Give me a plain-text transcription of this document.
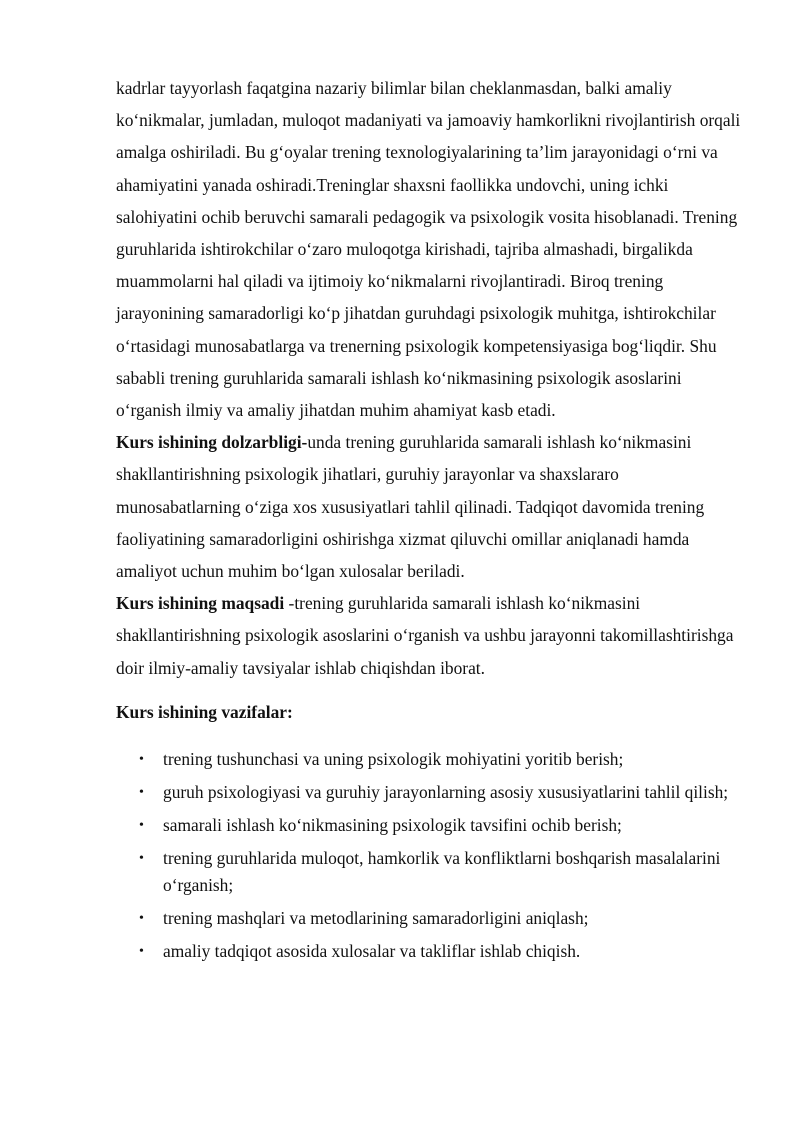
kadrlar tayyorlash faqatgina nazariy bilimlar bilan cheklanmasdan, balki amaliy koʻnikmalar, jumladan, muloqot madaniyati va jamoaviy hamkorlikni rivojlantirish orqali amalga oshiriladi. Bu gʻoyalar trening texnologiyalarining taʼlim jarayonidagi oʻrni va ahamiyatini yanada oshiradi.Treninglar shaxsni faollikka undovchi, uning ichki salohiyatini ochib beruvchi samarali pedagogik va psixologik vosita hisoblanadi. Trening guruhlarida ishtirokchilar oʻzaro muloqotga kirishadi, tajriba almashadi, birgalikda muammolarni hal qiladi va ijtimoiy koʻnikmalarni rivojlantiradi. Biroq trening jarayonining samaradorligi koʻp jihatdan guruhdagi psixologik muhitga, ishtirokchilar oʻrtasidagi munosabatlarga va trenerning psixologik kompetensiyasiga bogʻliqdir. Shu sababli trening guruhlarida samarali ishlash koʻnikmasining psixologik asoslarini oʻrganish ilmiy va amaliy jihatdan muhim ahamiyat kasb etadi.

Kurs ishining dolzarbligi-unda trening guruhlarida samarali ishlash koʻnikmasini shakllantirishning psixologik jihatlari, guruhiy jarayonlar va shaxslararo munosabatlarning oʻziga xos xususiyatlari tahlil qilinadi. Tadqiqot davomida trening faoliyatining samaradorligini oshirishga xizmat qiluvchi omillar aniqlanadi hamda amaliyot uchun muhim boʻlgan xulosalar beriladi.

Kurs ishining maqsadi -trening guruhlarida samarali ishlash koʻnikmasini shakllantirishning psixologik asoslarini oʻrganish va ushbu jarayonni takomillashtirishga doir ilmiy-amaliy tavsiyalar ishlab chiqishdan iborat.

Kurs ishining vazifalar:

• trening tushunchasi va uning psixologik mohiyatini yoritib berish;
• guruh psixologiyasi va guruhiy jarayonlarning asosiy xususiyatlarini tahlil qilish;
• samarali ishlash koʻnikmasining psixologik tavsifini ochib berish;
• trening guruhlarida muloqot, hamkorlik va konfliktlarni boshqarish masalalarini oʻrganish;
• trening mashqlari va metodlarining samaradorligini aniqlash;
• amaliy tadqiqot asosida xulosalar va takliflar ishlab chiqish.
